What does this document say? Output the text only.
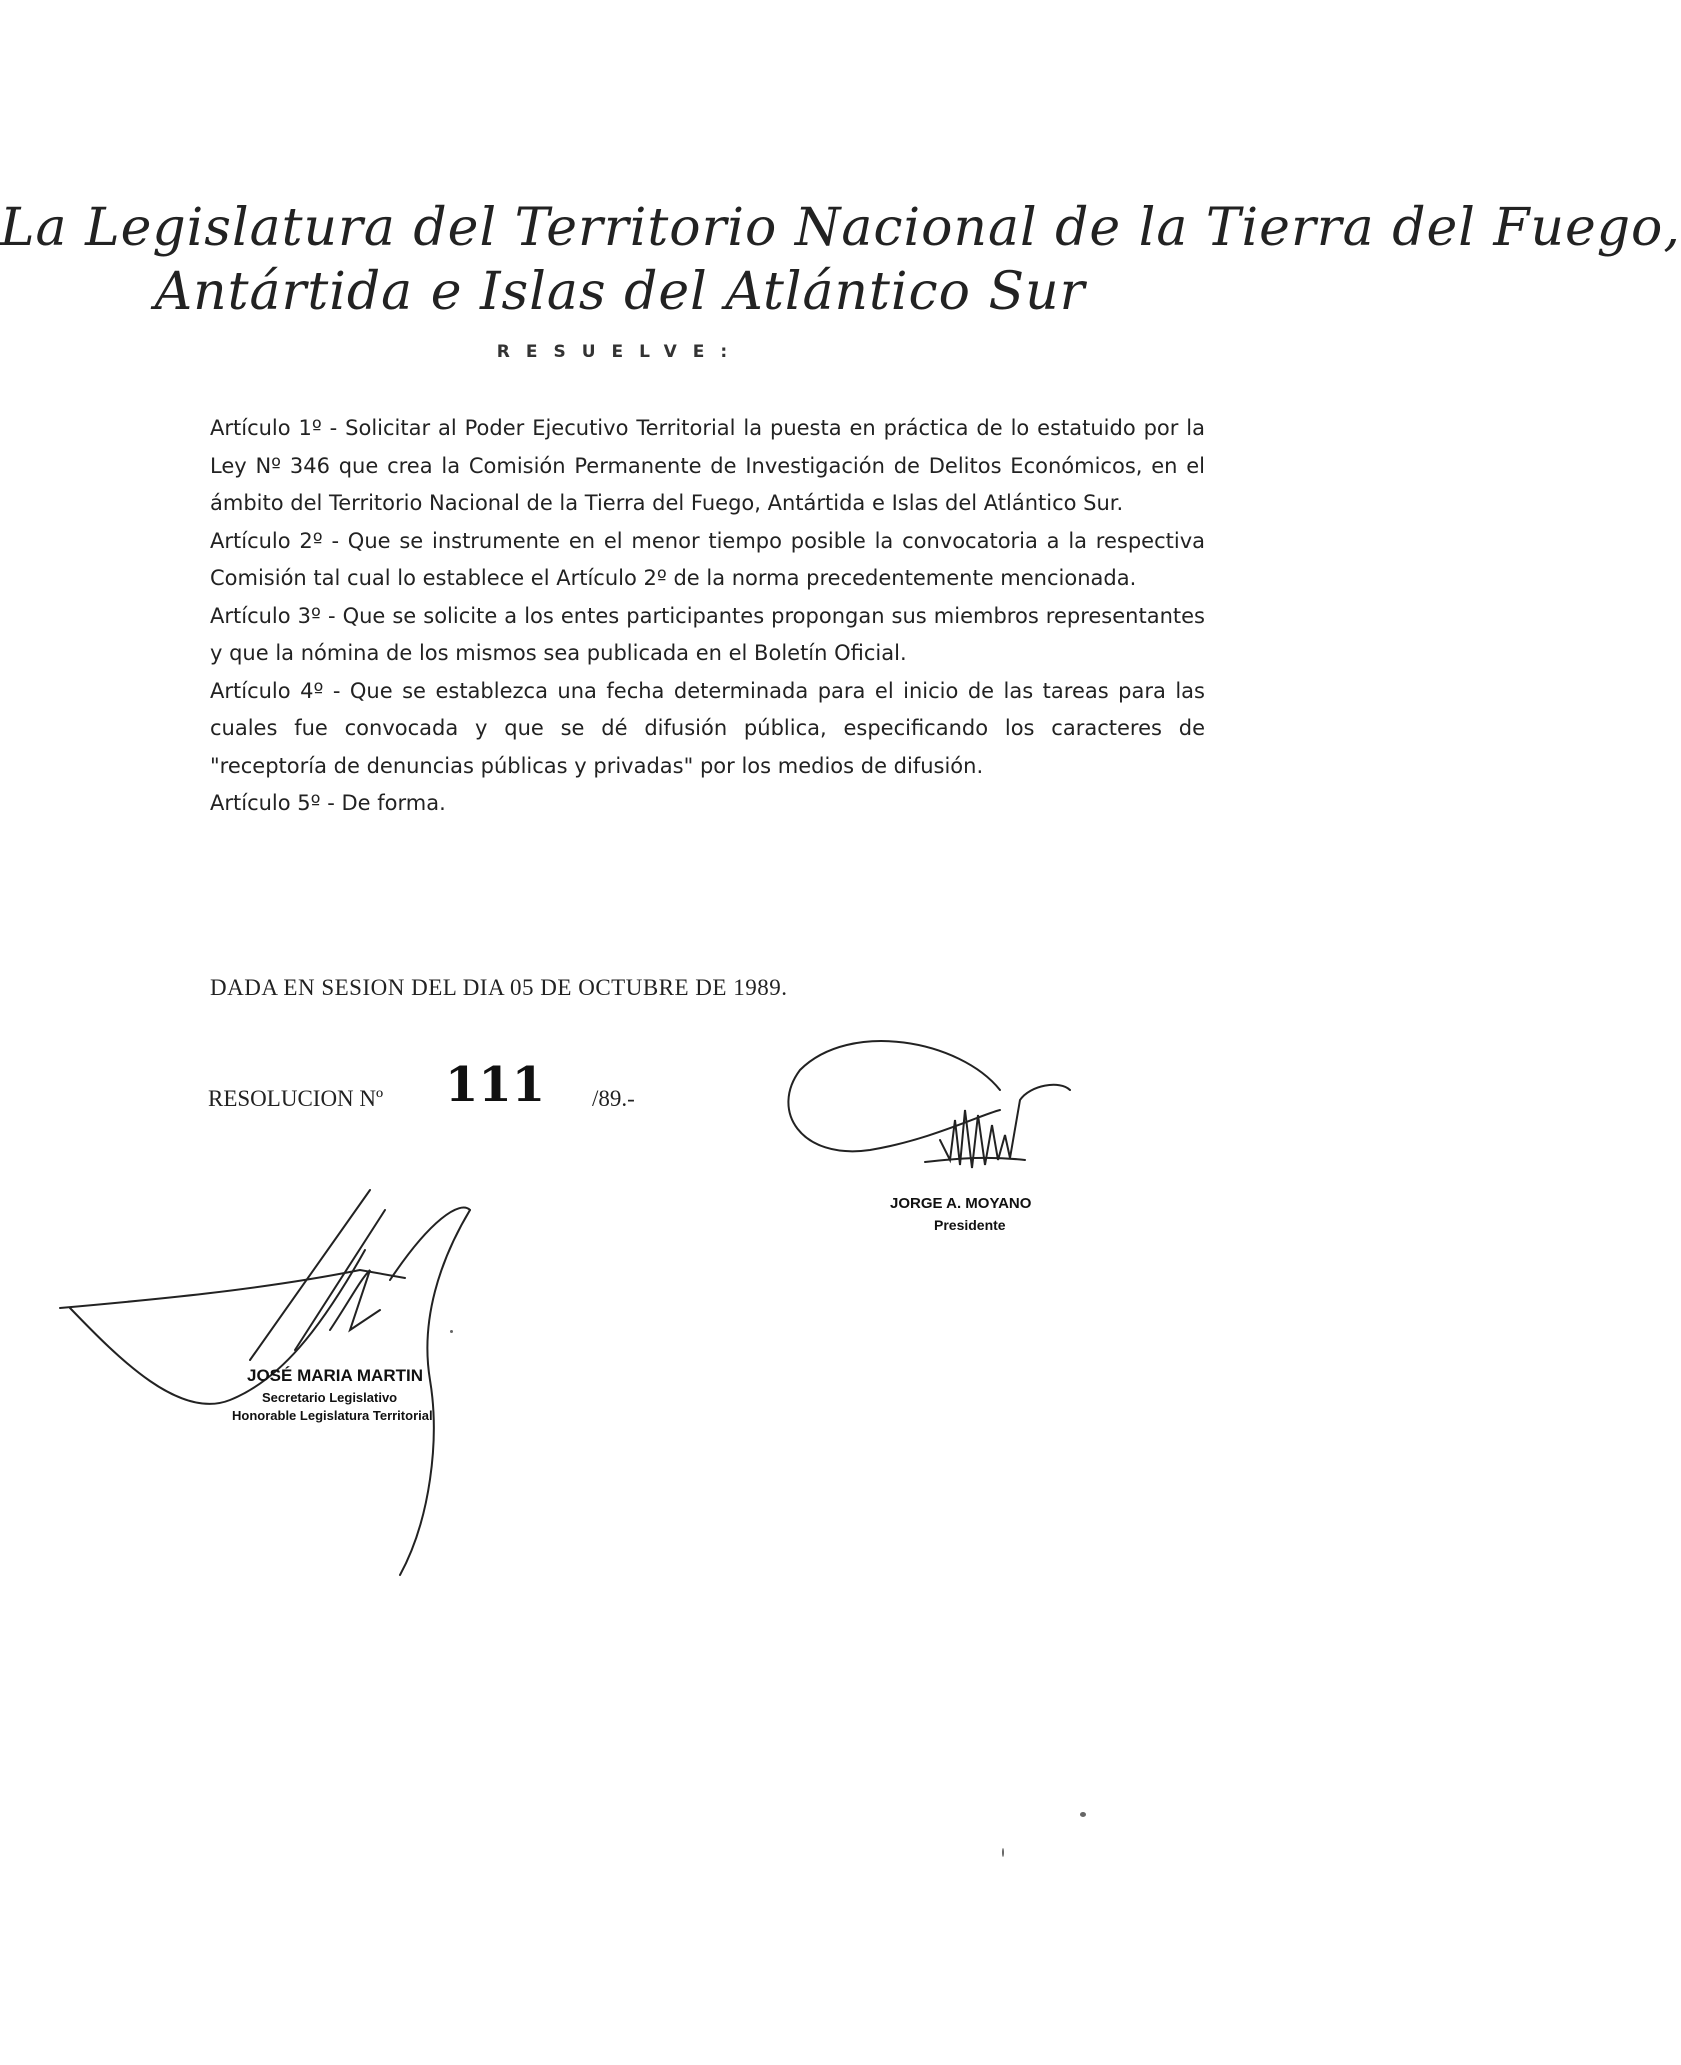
La Legislatura del Territorio Nacional de la Tierra del Fuego,
Antártida e Islas del Atlántico Sur
RESUELVE:

Artículo 1º - Solicitar al Poder Ejecutivo Territorial la puesta en práctica de lo estatuido por la Ley Nº 346 que crea la Comisión Permanente de Investigación de Delitos Económicos, en el ámbito del Territorio Nacional de la Tierra del Fuego, Antártida e Islas del Atlántico Sur.

Artículo 2º - Que se instrumente en el menor tiempo posible la convocatoria a la respectiva Comisión tal cual lo establece el Artículo 2º de la norma precedentemente mencionada.

Artículo 3º - Que se solicite a los entes participantes propongan sus miembros representantes y que la nómina de los mismos sea publicada en el Boletín Oficial.

Artículo 4º - Que se establezca una fecha determinada para el inicio de las tareas para las cuales fue convocada y que se dé difusión pública, especificando los caracteres de "receptoría de denuncias públicas y privadas" por los medios de difusión.

Artículo 5º - De forma.

DADA EN SESION DEL DIA 05 DE OCTUBRE DE 1989.
RESOLUCION Nº 111 /89.-
JORGE A. MOYANO
Presidente
JOSÉ MARIA MARTIN
Secretario Legislativo
Honorable Legislatura Territorial
